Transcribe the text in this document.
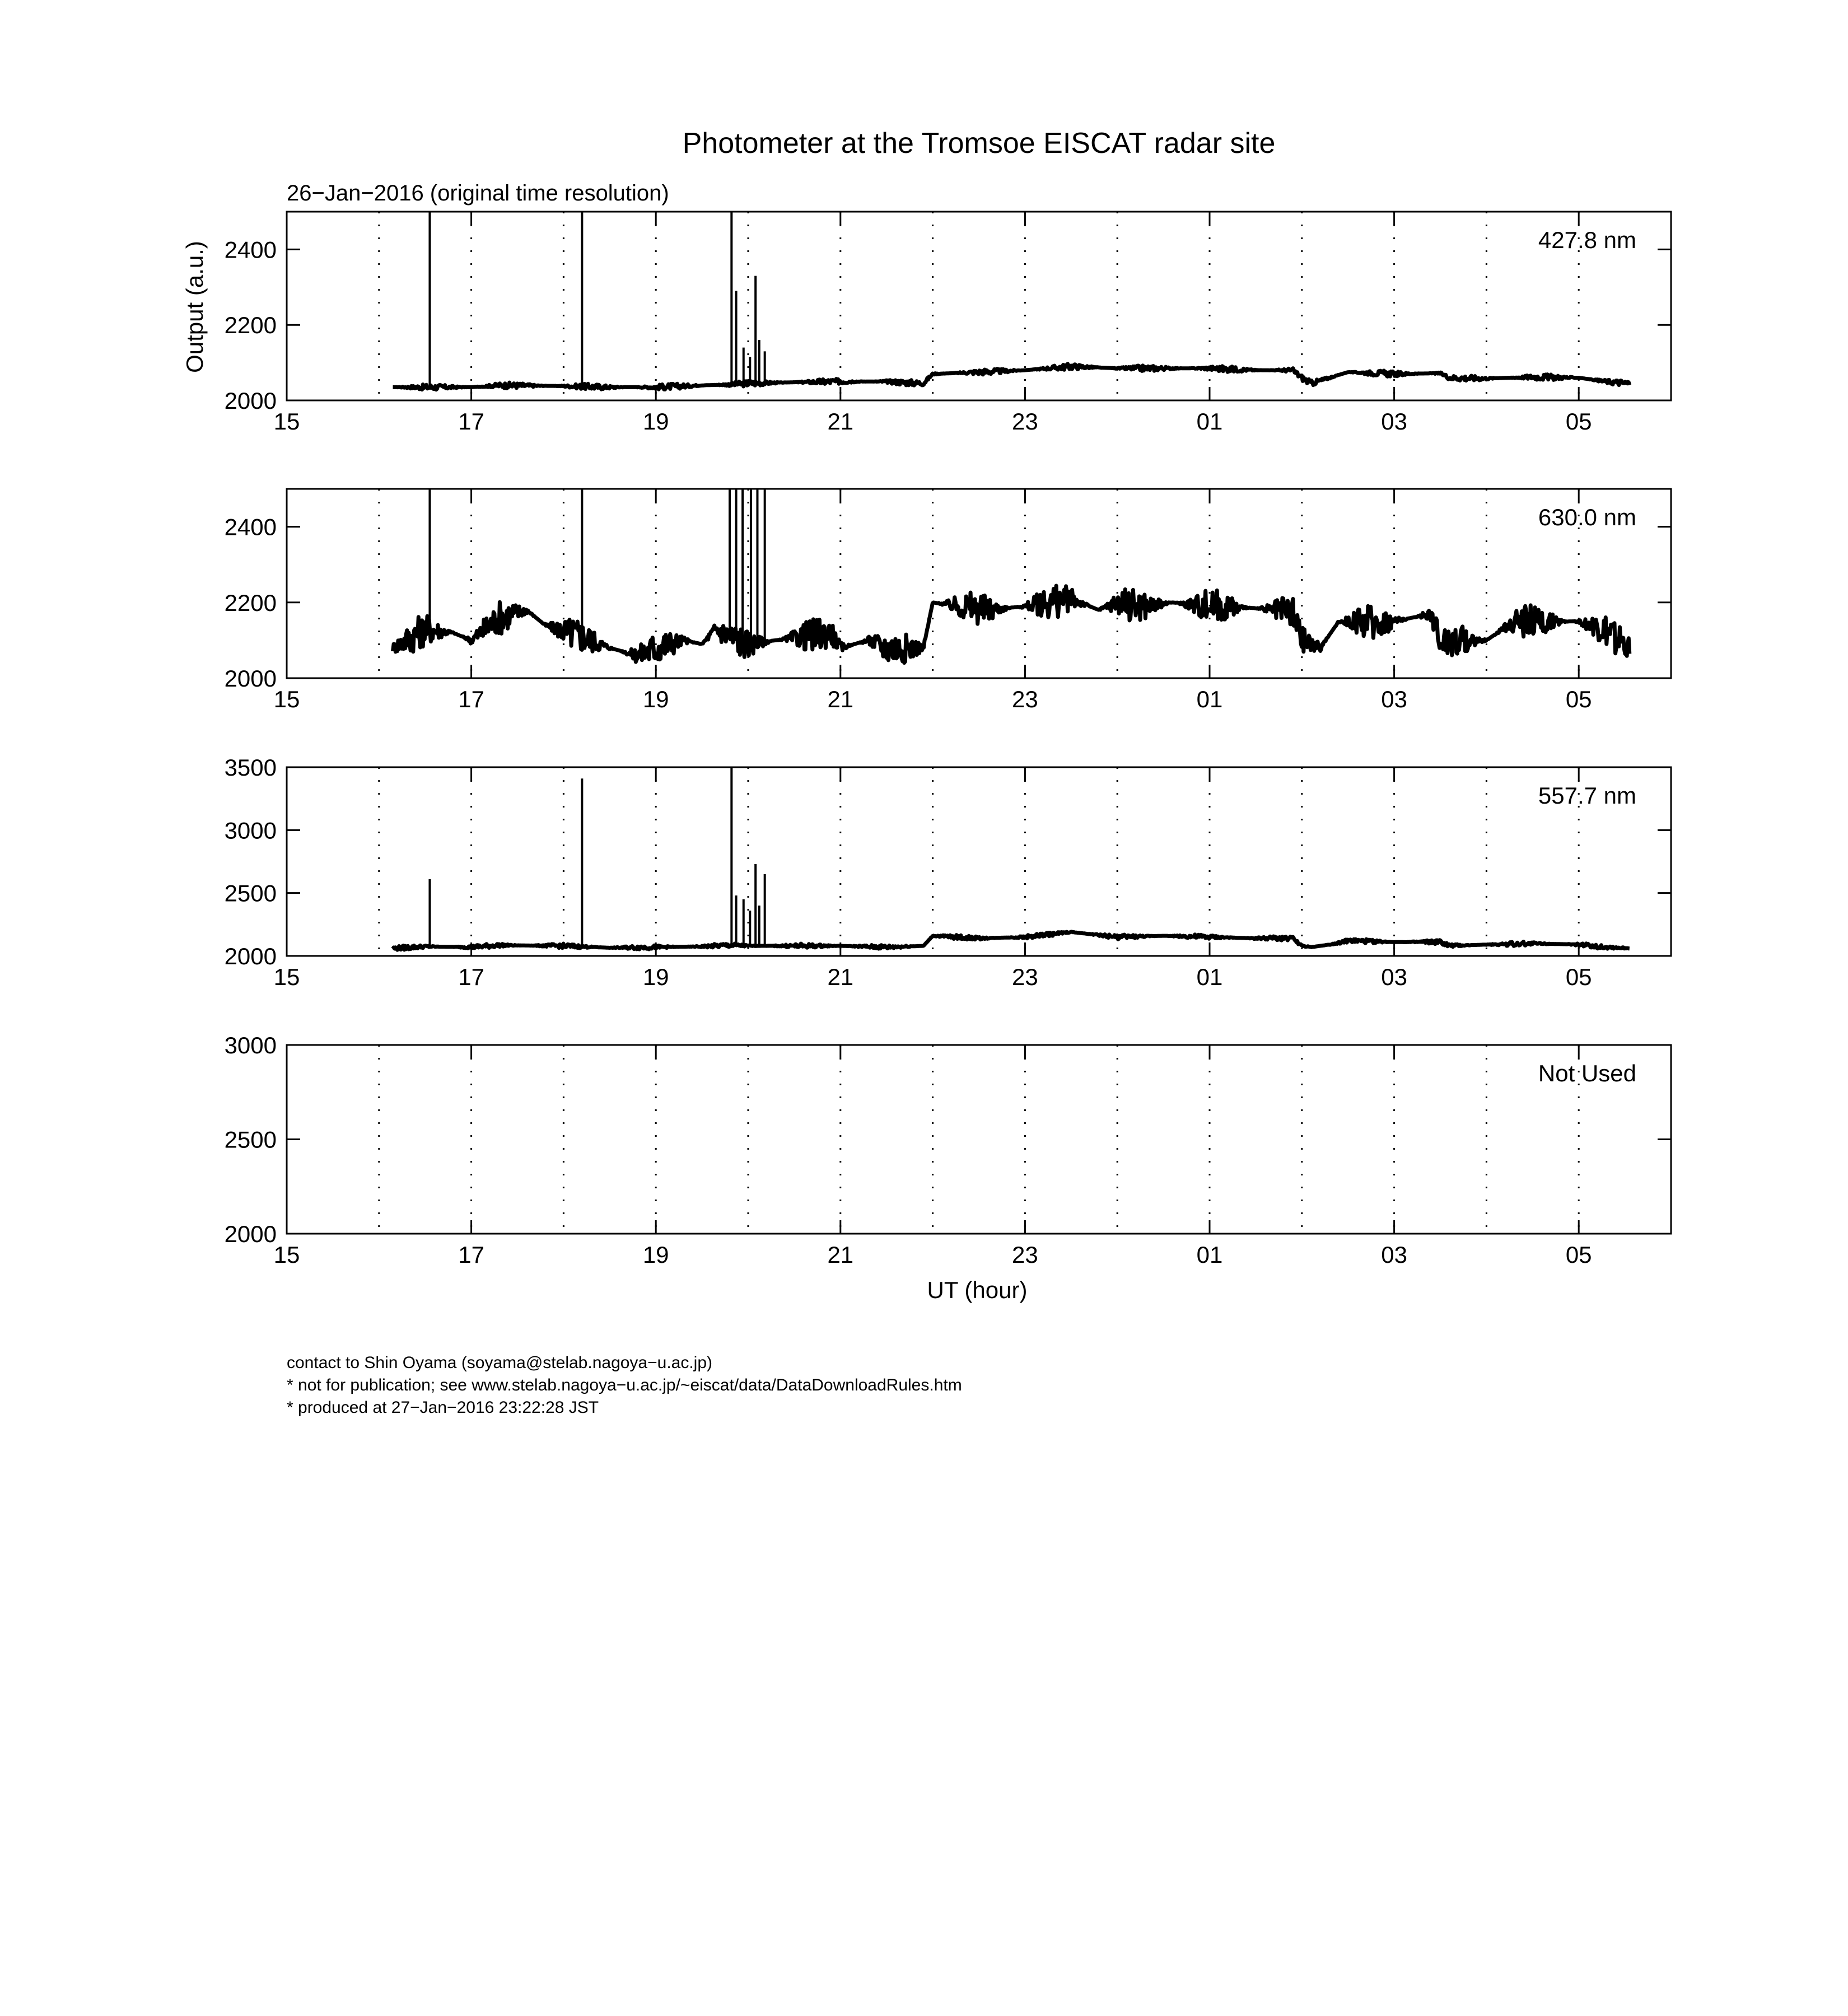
Photometer at the Tromsoe EISCAT radar site
26−Jan−2016 (original time resolution)
Output (a.u.)
UT (hour)
2000
2200
2400
15	17	19	21	23	01	03	05
427.8 nm
2000
2200
2400
15	17	19	21	23	01	03	05
630.0 nm
2000
2500
3000
3500
15	17	19	21	23	01	03	05
557.7 nm
2000
2500
3000
15	17	19	21	23	01	03	05
Not Used
contact to Shin Oyama (soyama@stelab.nagoya−u.ac.jp)
* not for publication; see www.stelab.nagoya−u.ac.jp/~eiscat/data/DataDownloadRules.htm
* produced at 27−Jan−2016 23:22:28 JST
